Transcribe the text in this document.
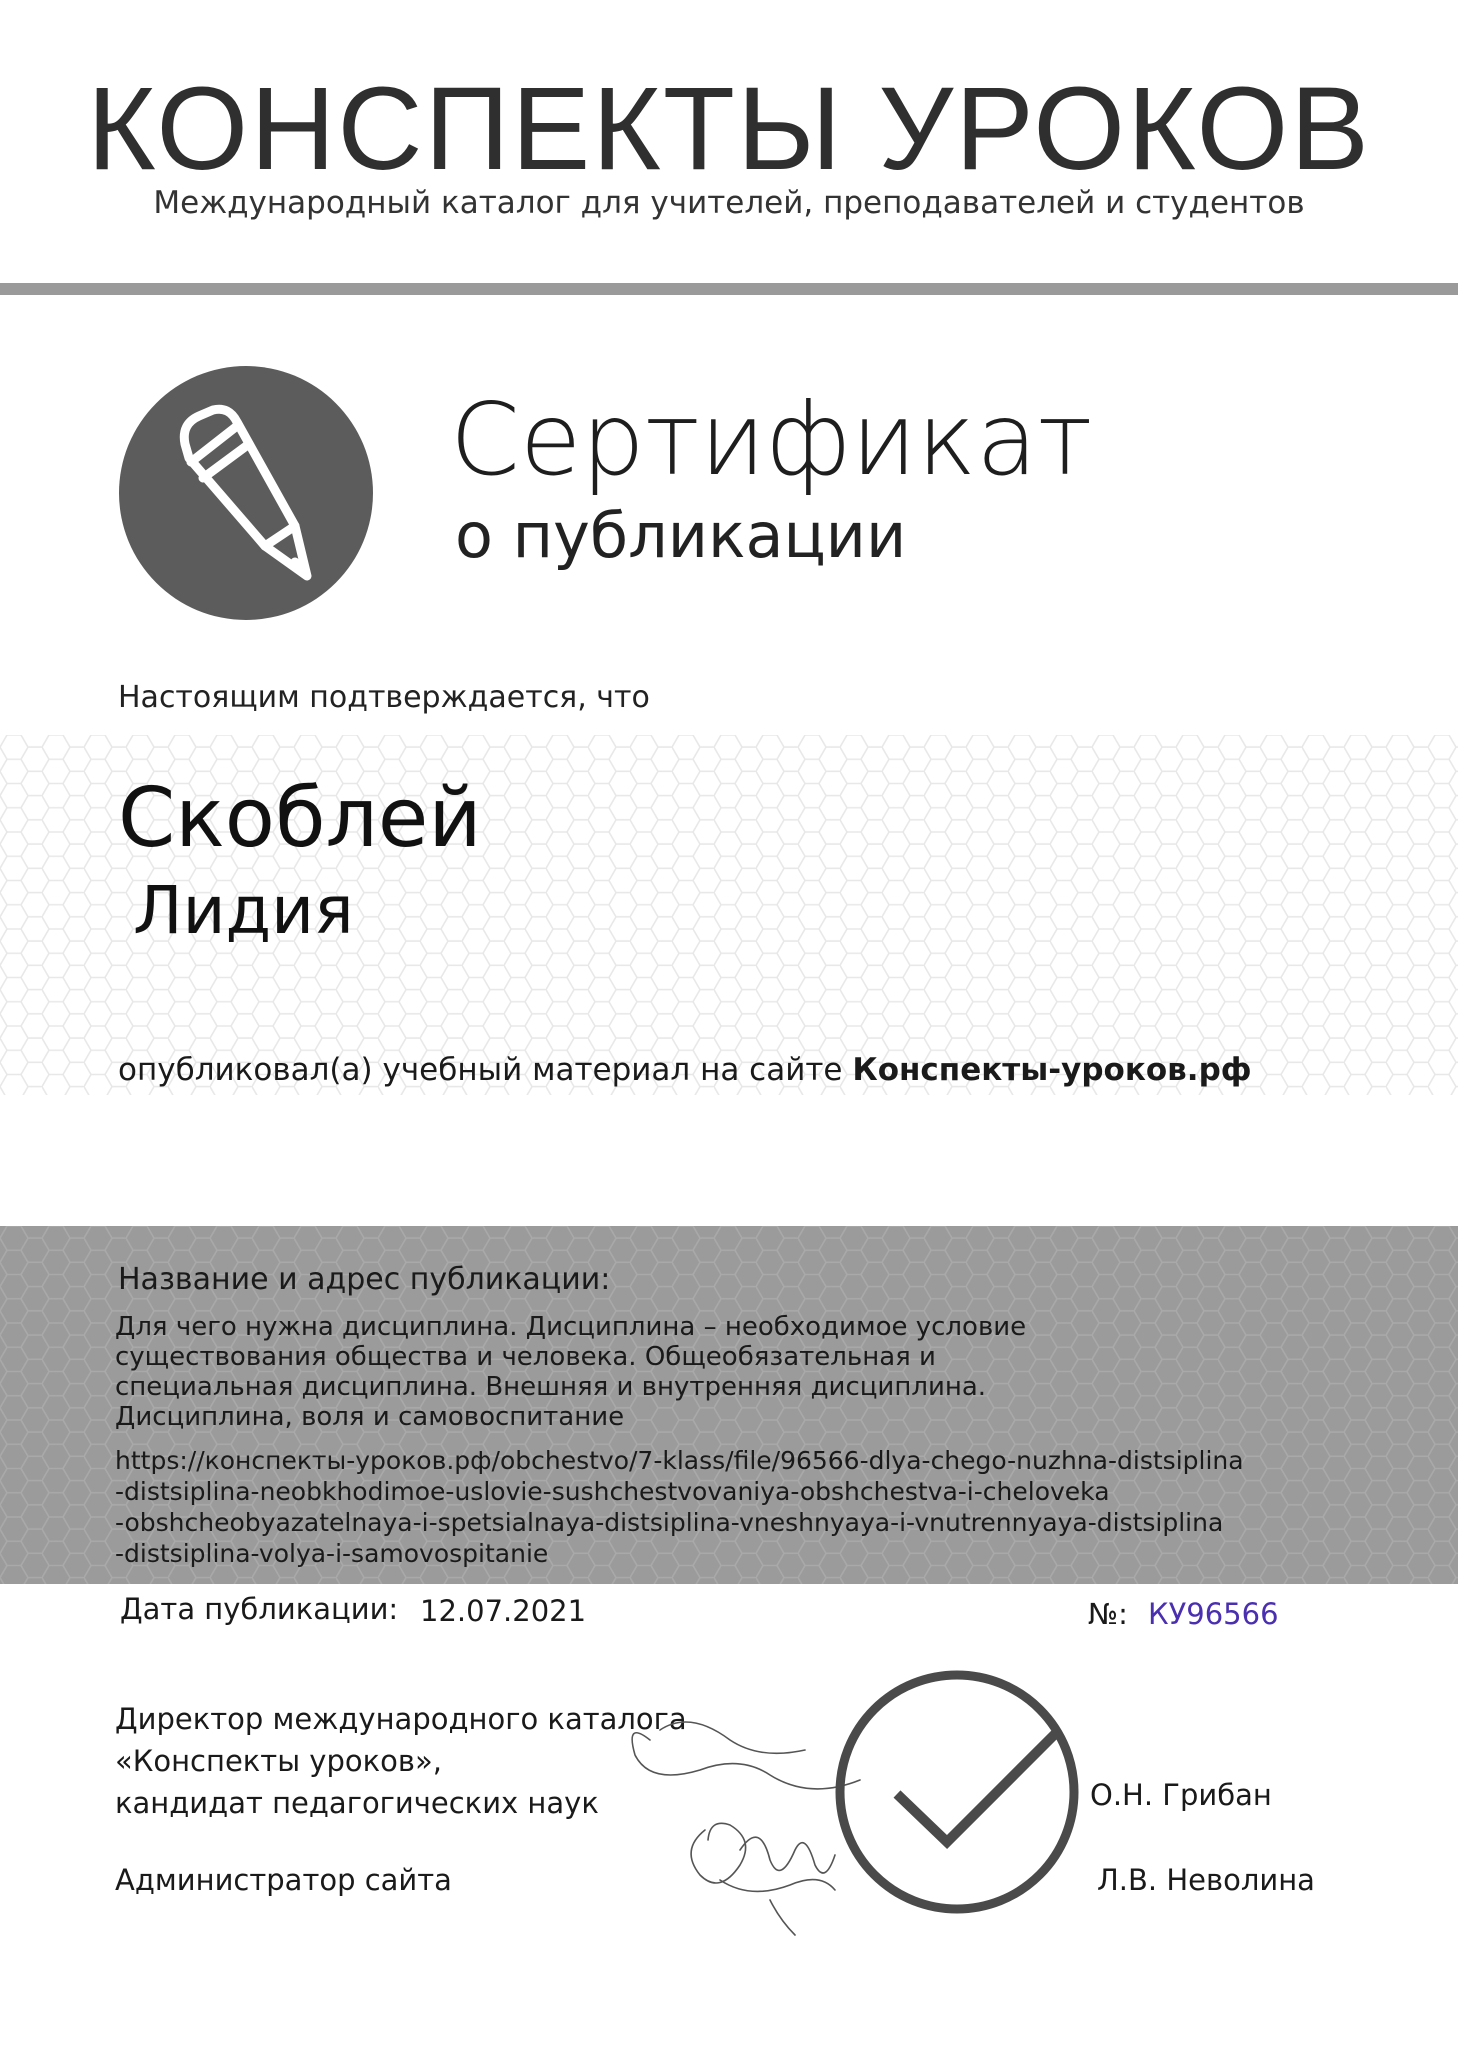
КОНСПЕКТЫ УРОКОВ
Международный каталог для учителей, преподавателей и студентов
Сертификат
о публикации
Настоящим подтверждается, что
Скоблей
Лидия
опубликовал(а) учебный материал на сайте Конспекты-уроков.рф
Название и адрес публикации:
Для чего нужна дисциплина. Дисциплина – необходимое условие
существования общества и человека. Общеобязательная и
специальная дисциплина. Внешняя и внутренняя дисциплина.
Дисциплина, воля и самовоспитание
https://конспекты-уроков.рф/obchestvo/7-klass/file/96566-dlya-chego-nuzhna-distsiplina
-distsiplina-neobkhodimoe-uslovie-sushchestvovaniya-obshchestva-i-cheloveka
-obshcheobyazatelnaya-i-spetsialnaya-distsiplina-vneshnyaya-i-vnutrennyaya-distsiplina
-distsiplina-volya-i-samovospitanie
Дата публикации: 12.07.2021	№: КУ96566
Директор международного каталога
«Конспекты уроков»,
кандидат педагогических наук
Администратор сайта
О.Н. Грибан
Л.В. Неволина
